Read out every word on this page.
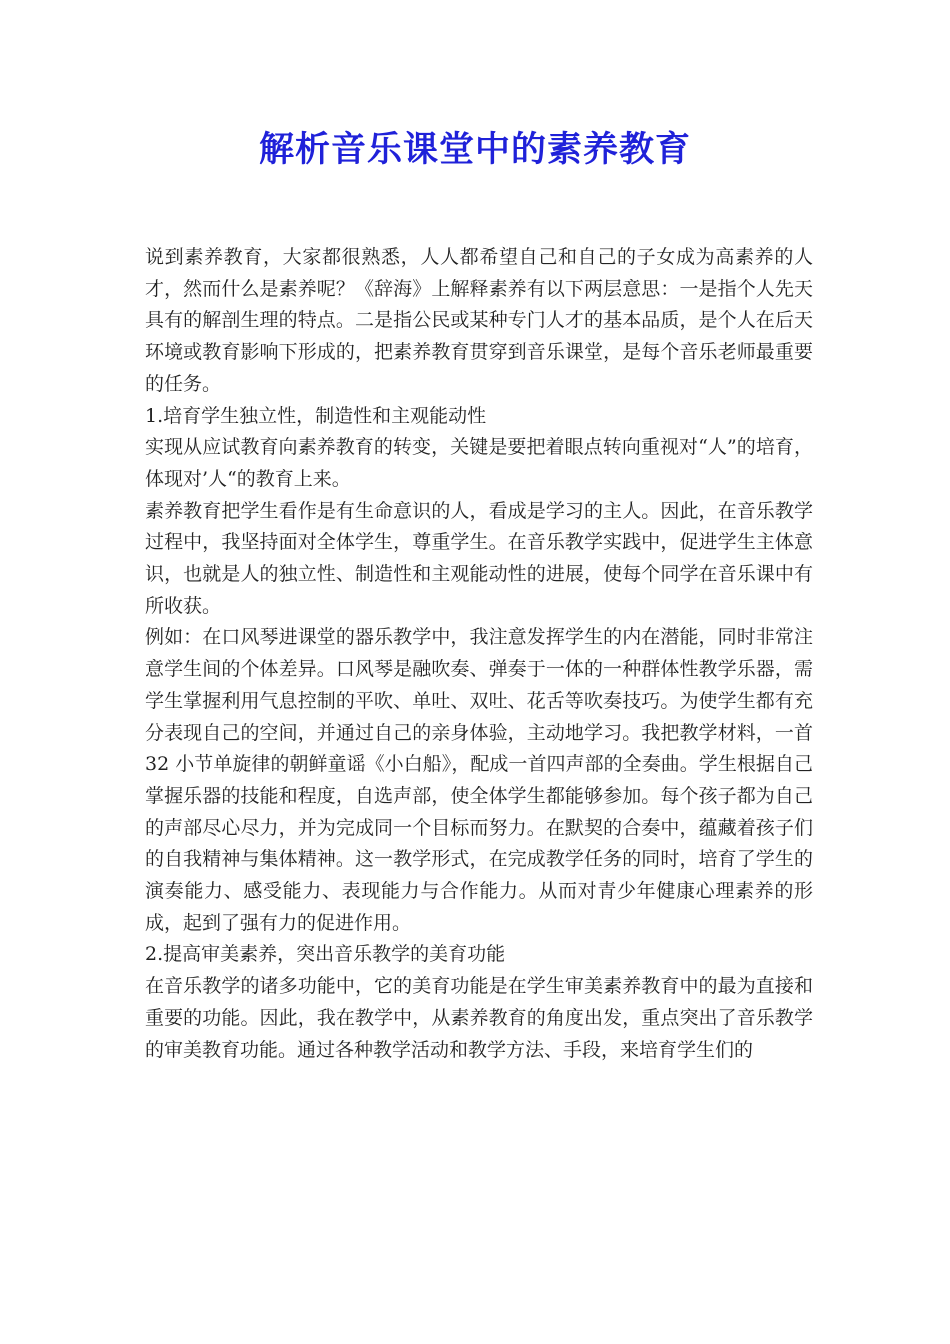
解析音乐课堂中的素养教育

说到素养教育，大家都很熟悉，人人都希望自己和自己的子女成为高素养的人才，然而什么是素养呢？《辞海》上解释素养有以下两层意思：一是指个人先天具有的解剖生理的特点。二是指公民或某种专门人才的基本品质，是个人在后天环境或教育影响下形成的，把素养教育贯穿到音乐课堂，是每个音乐老师最重要的任务。

1.培育学生独立性，制造性和主观能动性

实现从应试教育向素养教育的转变，关键是要把着眼点转向重视对“人”的培育，体现对’人“的教育上来。

素养教育把学生看作是有生命意识的人，看成是学习的主人。因此，在音乐教学过程中，我坚持面对全体学生，尊重学生。在音乐教学实践中，促进学生主体意识，也就是人的独立性、制造性和主观能动性的进展，使每个同学在音乐课中有所收获。

例如：在口风琴进课堂的器乐教学中，我注意发挥学生的内在潜能，同时非常注意学生间的个体差异。口风琴是融吹奏、弹奏于一体的一种群体性教学乐器，需学生掌握利用气息控制的平吹、单吐、双吐、花舌等吹奏技巧。为使学生都有充分表现自己的空间，并通过自己的亲身体验，主动地学习。我把教学材料，一首 32 小节单旋律的朝鲜童谣《小白船》，配成一首四声部的全奏曲。学生根据自己掌握乐器的技能和程度，自选声部，使全体学生都能够参加。每个孩子都为自己的声部尽心尽力，并为完成同一个目标而努力。在默契的合奏中，蕴藏着孩子们的自我精神与集体精神。这一教学形式，在完成教学任务的同时，培育了学生的演奏能力、感受能力、表现能力与合作能力。从而对青少年健康心理素养的形成，起到了强有力的促进作用。

2.提高审美素养，突出音乐教学的美育功能

在音乐教学的诸多功能中，它的美育功能是在学生审美素养教育中的最为直接和重要的功能。因此，我在教学中，从素养教育的角度出发，重点突出了音乐教学的审美教育功能。通过各种教学活动和教学方法、手段，来培育学生们的
